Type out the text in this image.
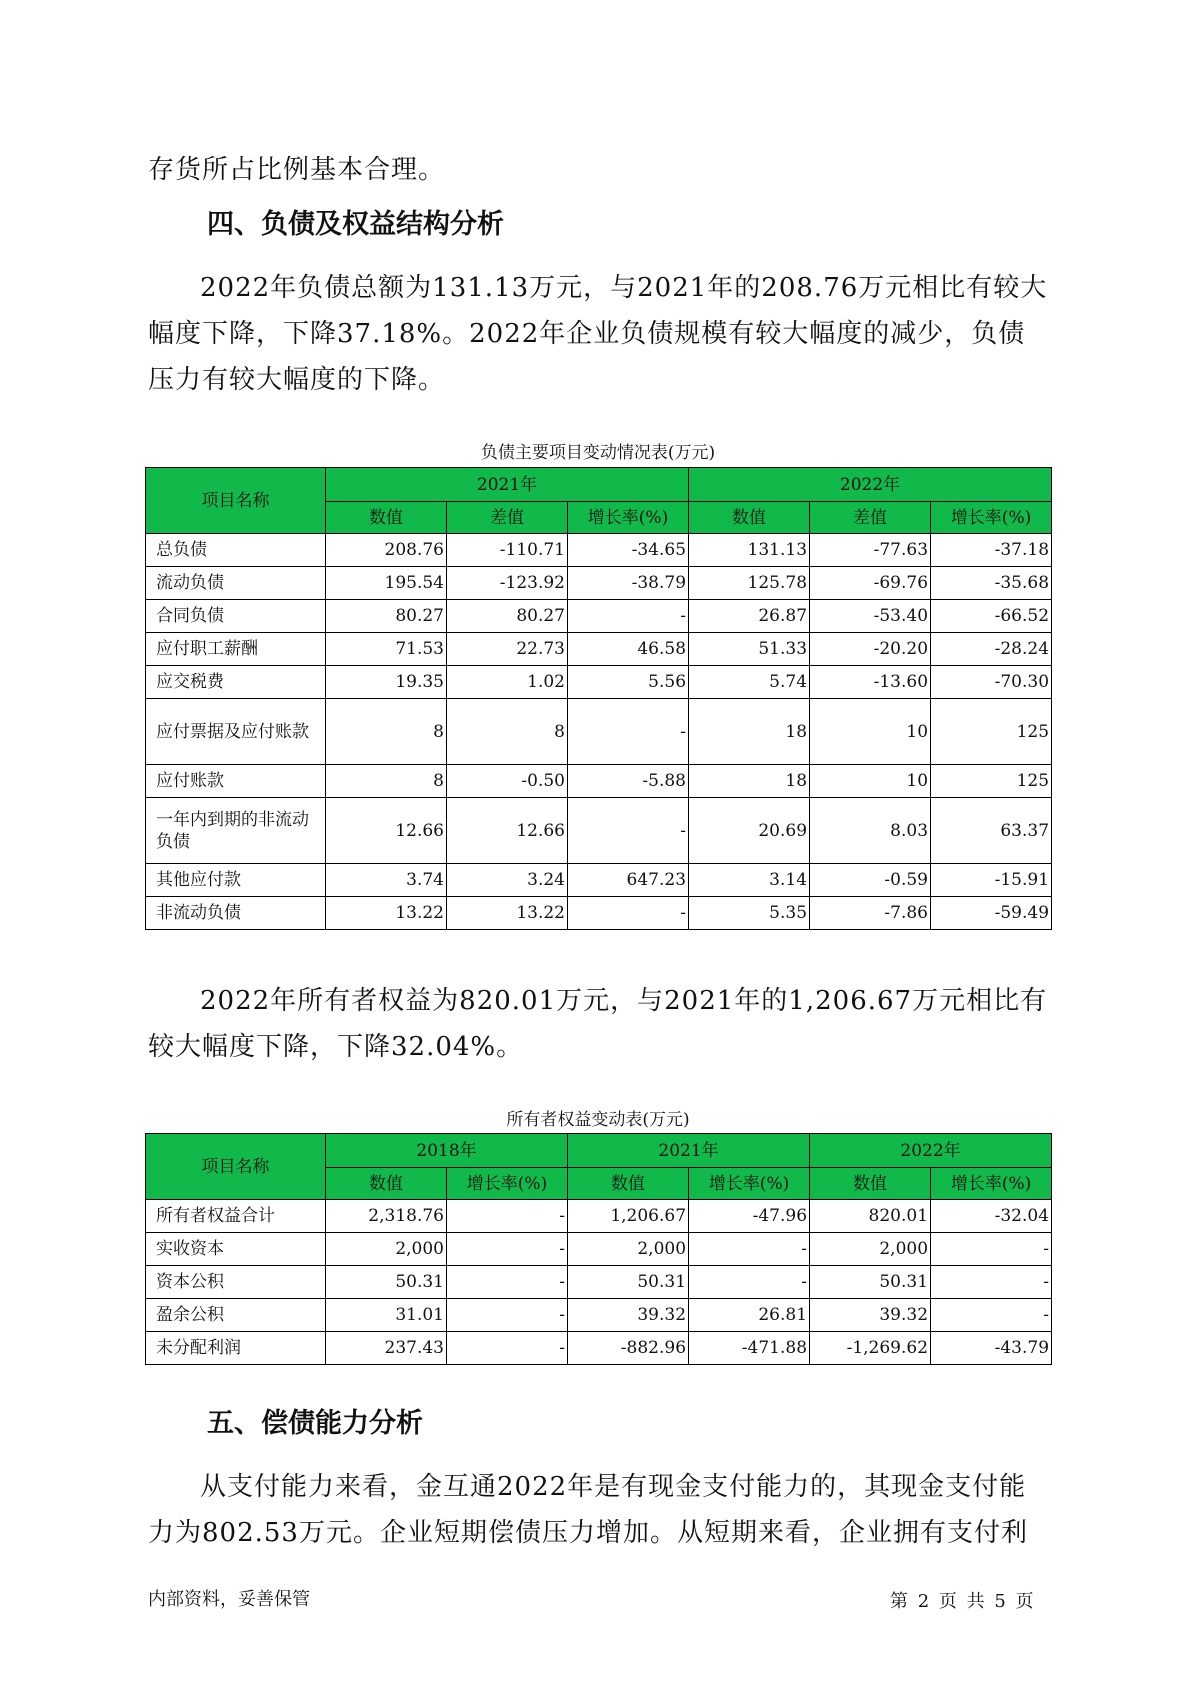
存货所占比例基本合理。

四、负债及权益结构分析

2022年负债总额为131.13万元，与2021年的208.76万元相比有较大幅度下降，下降37.18%。2022年企业负债规模有较大幅度的减少，负债压力有较大幅度的下降。

负债主要项目变动情况表(万元)

项目名称	2021年			2022年		
	数值	差值	增长率(%)	数值	差值	增长率(%)
总负债	208.76	-110.71	-34.65	131.13	-77.63	-37.18
流动负债	195.54	-123.92	-38.79	125.78	-69.76	-35.68
合同负债	80.27	80.27	-	26.87	-53.40	-66.52
应付职工薪酬	71.53	22.73	46.58	51.33	-20.20	-28.24
应交税费	19.35	1.02	5.56	5.74	-13.60	-70.30
应付票据及应付账款	8	8	-	18	10	125
应付账款	8	-0.50	-5.88	18	10	125
一年内到期的非流动负债	12.66	12.66	-	20.69	8.03	63.37
其他应付款	3.74	3.24	647.23	3.14	-0.59	-15.91
非流动负债	13.22	13.22	-	5.35	-7.86	-59.49

2022年所有者权益为820.01万元，与2021年的1,206.67万元相比有较大幅度下降，下降32.04%。

所有者权益变动表(万元)

项目名称	2018年		2021年		2022年	
	数值	增长率(%)	数值	增长率(%)	数值	增长率(%)
所有者权益合计	2,318.76	-	1,206.67	-47.96	820.01	-32.04
实收资本	2,000	-	2,000	-	2,000	-
资本公积	50.31	-	50.31	-	50.31	-
盈余公积	31.01	-	39.32	26.81	39.32	-
未分配利润	237.43	-	-882.96	-471.88	-1,269.62	-43.79
五、偿债能力分析

从支付能力来看，金互通2022年是有现金支付能力的，其现金支付能力为802.53万元。企业短期偿债压力增加。从短期来看，企业拥有支付利

内部资料，妥善保管	第 2 页 共 5 页
